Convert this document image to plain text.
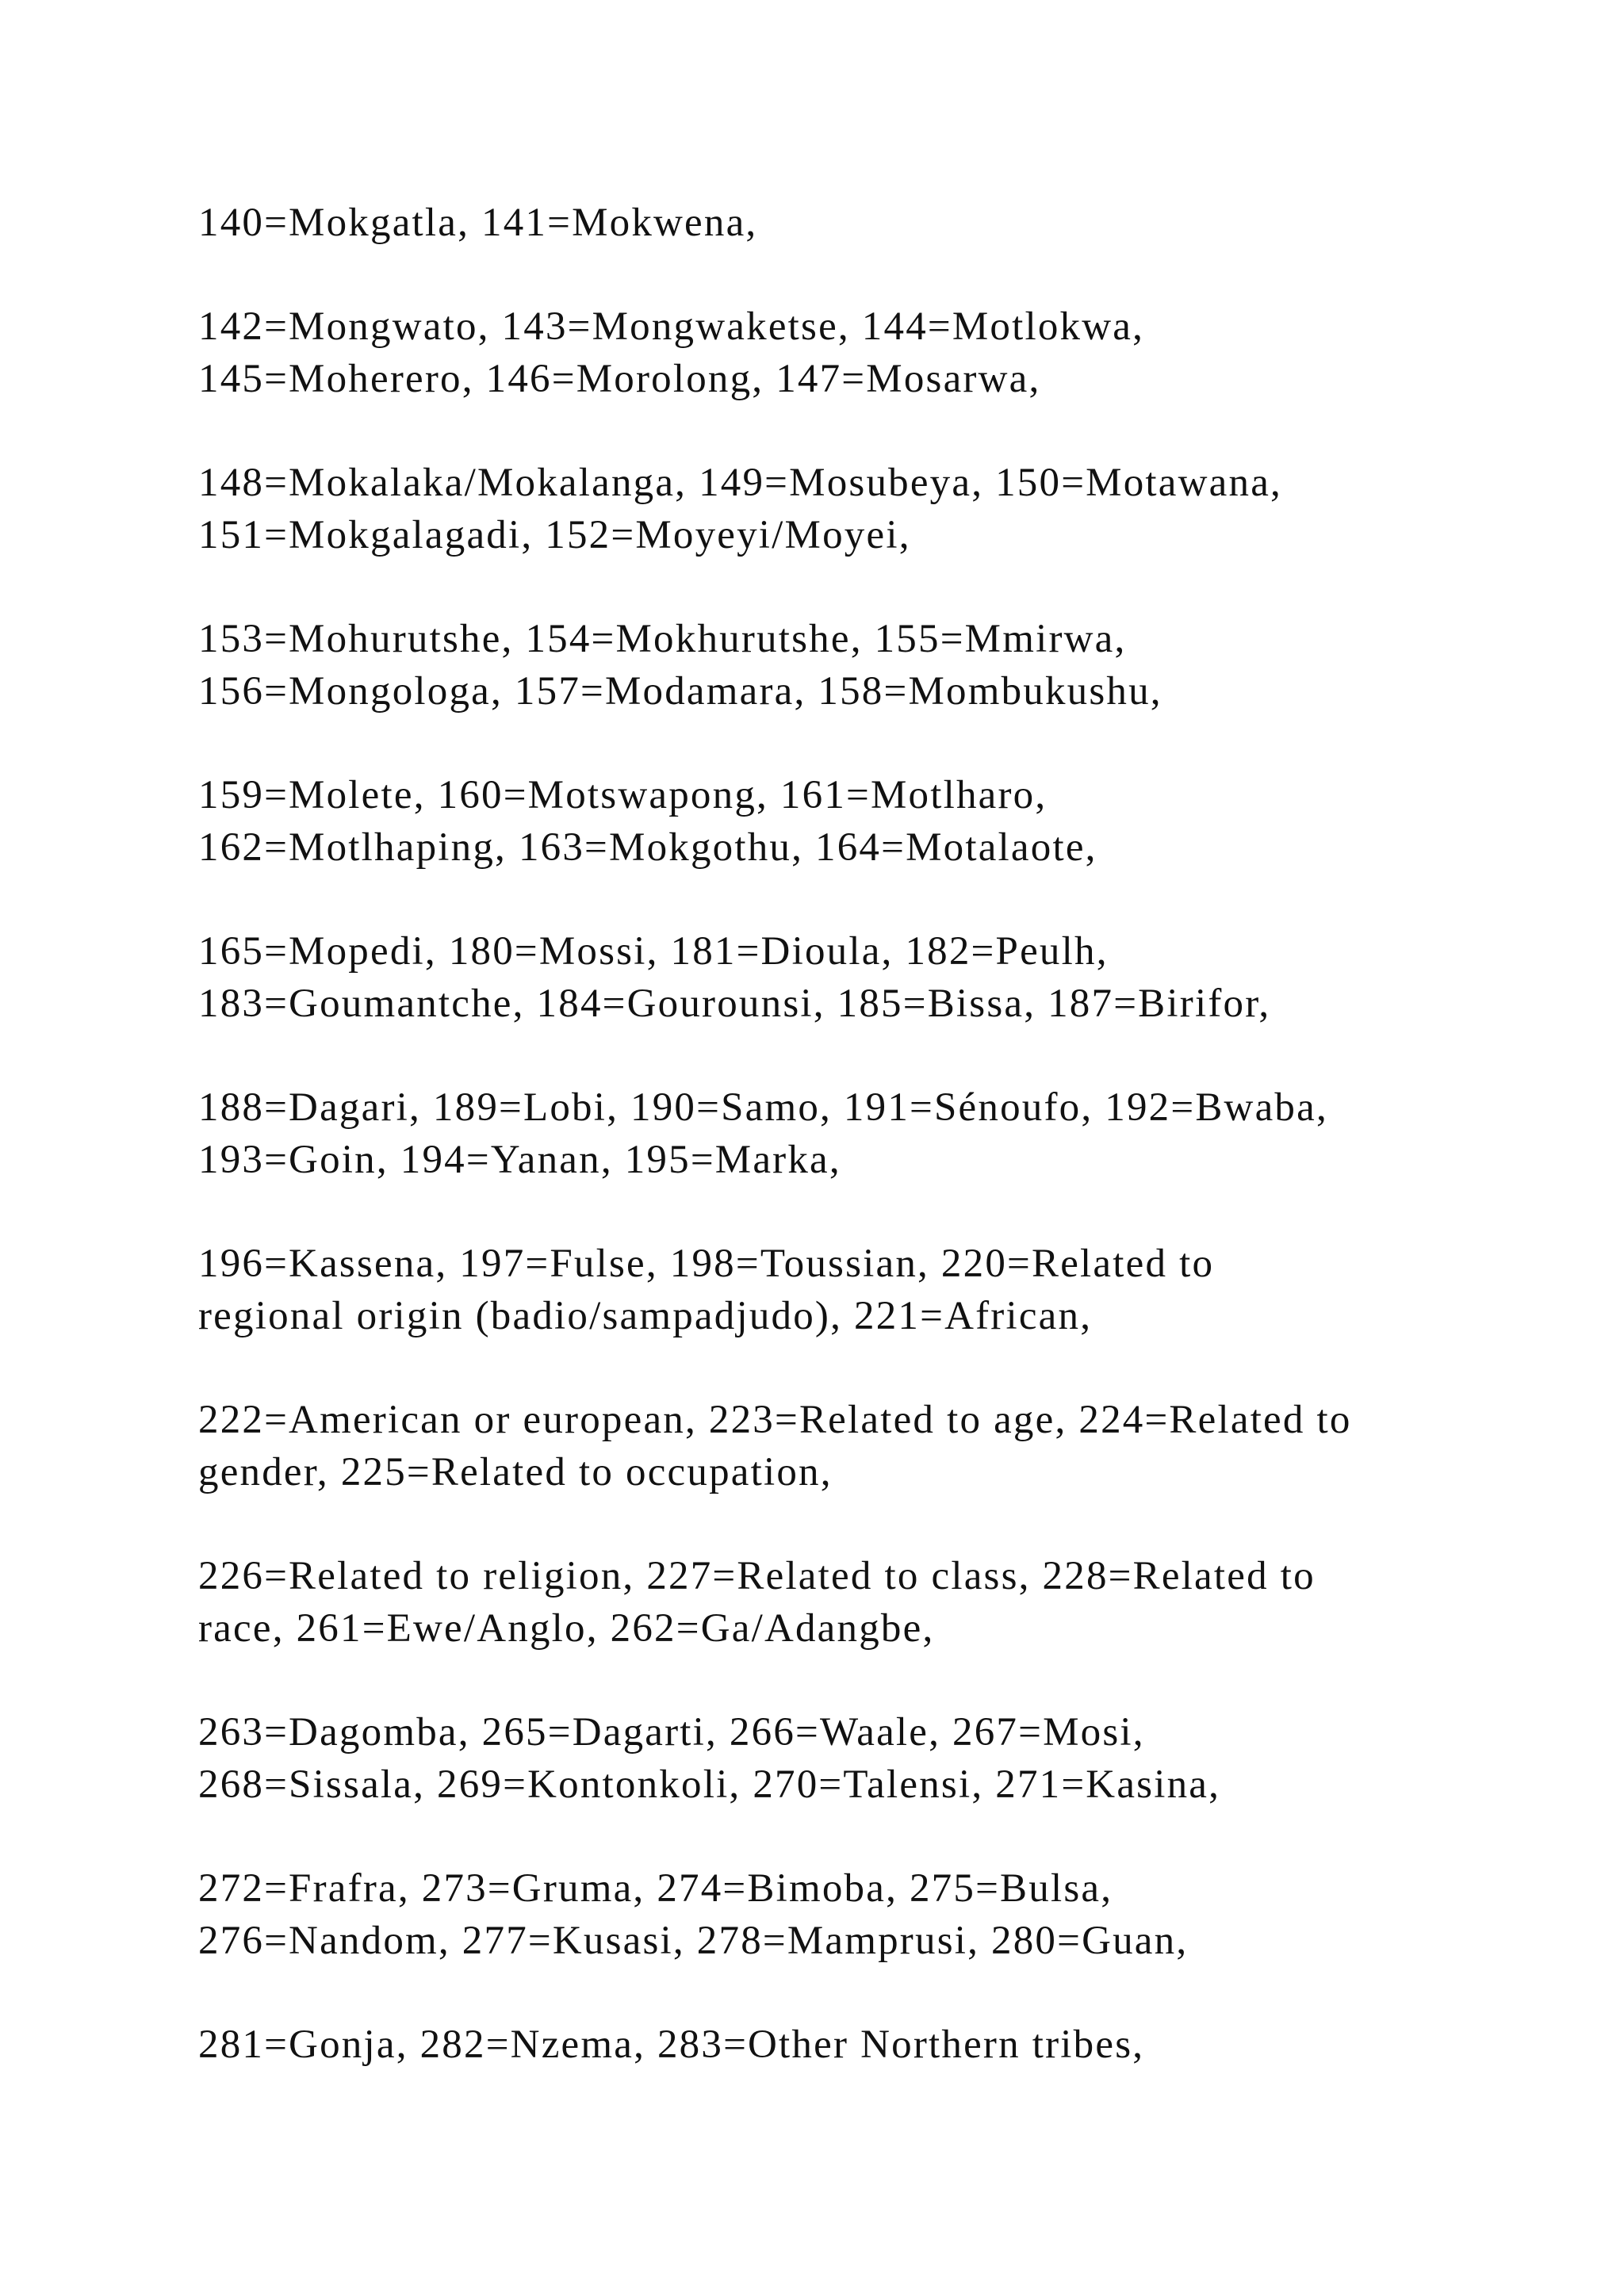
140=Mokgatla, 141=Mokwena,

142=Mongwato, 143=Mongwaketse, 144=Motlokwa,
145=Moherero, 146=Morolong, 147=Mosarwa,

148=Mokalaka/Mokalanga, 149=Mosubeya, 150=Motawana,
151=Mokgalagadi, 152=Moyeyi/Moyei,

153=Mohurutshe, 154=Mokhurutshe, 155=Mmirwa,
156=Mongologa, 157=Modamara, 158=Mombukushu,

159=Molete, 160=Motswapong, 161=Motlharo,
162=Motlhaping, 163=Mokgothu, 164=Motalaote,

165=Mopedi, 180=Mossi, 181=Dioula, 182=Peulh,
183=Goumantche, 184=Gourounsi, 185=Bissa, 187=Birifor,

188=Dagari, 189=Lobi, 190=Samo, 191=Sénoufo, 192=Bwaba,
193=Goin, 194=Yanan, 195=Marka,

196=Kassena, 197=Fulse, 198=Toussian, 220=Related to
regional origin (badio/sampadjudo), 221=African,

222=American or european, 223=Related to age, 224=Related to
gender, 225=Related to occupation,

226=Related to religion, 227=Related to class, 228=Related to
race, 261=Ewe/Anglo, 262=Ga/Adangbe,

263=Dagomba, 265=Dagarti, 266=Waale, 267=Mosi,
268=Sissala, 269=Kontonkoli, 270=Talensi, 271=Kasina,

272=Frafra, 273=Gruma, 274=Bimoba, 275=Bulsa,
276=Nandom, 277=Kusasi, 278=Mamprusi, 280=Guan,

281=Gonja, 282=Nzema, 283=Other Northern tribes,
